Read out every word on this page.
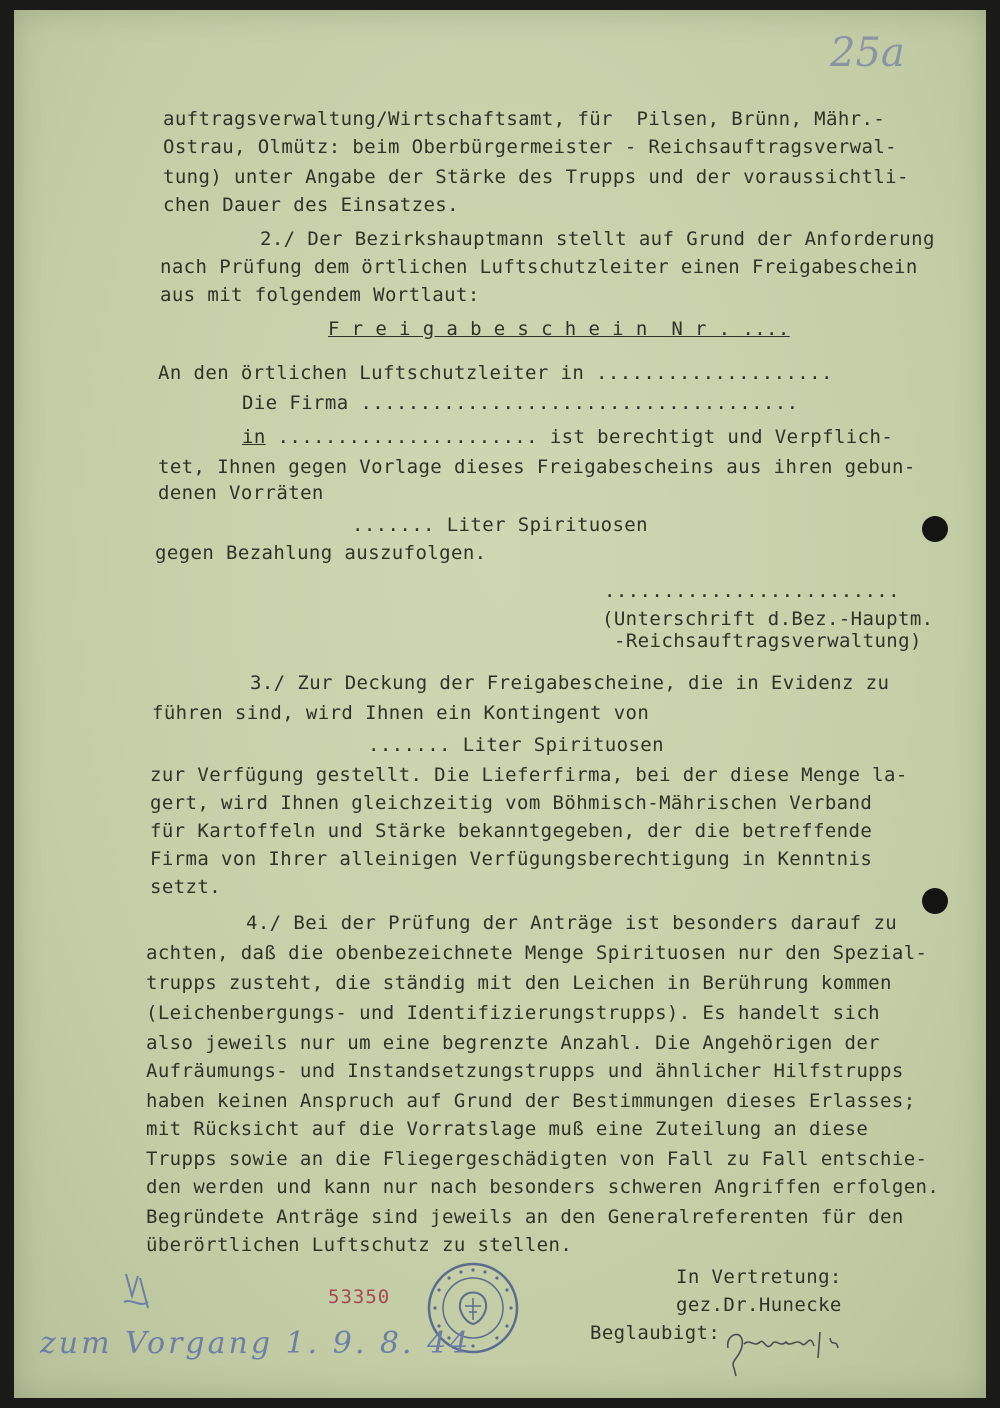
25a
auftragsverwaltung/Wirtschaftsamt, für  Pilsen, Brünn, Mähr.-
Ostrau, Olmütz: beim Oberbürgermeister - Reichsauftragsverwal-
tung) unter Angabe der Stärke des Trupps und der voraussichtli-
chen Dauer des Einsatzes.
2./ Der Bezirkshauptmann stellt auf Grund der Anforderung
nach Prüfung dem örtlichen Luftschutzleiter einen Freigabeschein
aus mit folgendem Wortlaut:
F r e i g a b e s c h e i n  N r . ....
An den örtlichen Luftschutzleiter in ....................
Die Firma .....................................
in ...................... ist berechtigt und Verpflich-
tet, Ihnen gegen Vorlage dieses Freigabescheins aus ihren gebun-
denen Vorräten
....... Liter Spirituosen
gegen Bezahlung auszufolgen.
.........................
(Unterschrift d.Bez.-Hauptm.
-Reichsauftragsverwaltung)
3./ Zur Deckung der Freigabescheine, die in Evidenz zu
führen sind, wird Ihnen ein Kontingent von
....... Liter Spirituosen
zur Verfügung gestellt. Die Lieferfirma, bei der diese Menge la-
gert, wird Ihnen gleichzeitig vom Böhmisch-Mährischen Verband
für Kartoffeln und Stärke bekanntgegeben, der die betreffende
Firma von Ihrer alleinigen Verfügungsberechtigung in Kenntnis
setzt.
4./ Bei der Prüfung der Anträge ist besonders darauf zu
achten, daß die obenbezeichnete Menge Spirituosen nur den Spezial-
trupps zusteht, die ständig mit den Leichen in Berührung kommen
(Leichenbergungs- und Identifizierungstrupps). Es handelt sich
also jeweils nur um eine begrenzte Anzahl. Die Angehörigen der
Aufräumungs- und Instandsetzungstrupps und ähnlicher Hilfstrupps
haben keinen Anspruch auf Grund der Bestimmungen dieses Erlasses;
mit Rücksicht auf die Vorratslage muß eine Zuteilung an diese
Trupps sowie an die Fliegergeschädigten von Fall zu Fall entschie-
den werden und kann nur nach besonders schweren Angriffen erfolgen.
Begründete Anträge sind jeweils an den Generalreferenten für den
überörtlichen Luftschutz zu stellen.
In Vertretung:
gez.Dr.Hunecke
Beglaubigt:
53350
zum Vorgang 1. 9. 8. 44
